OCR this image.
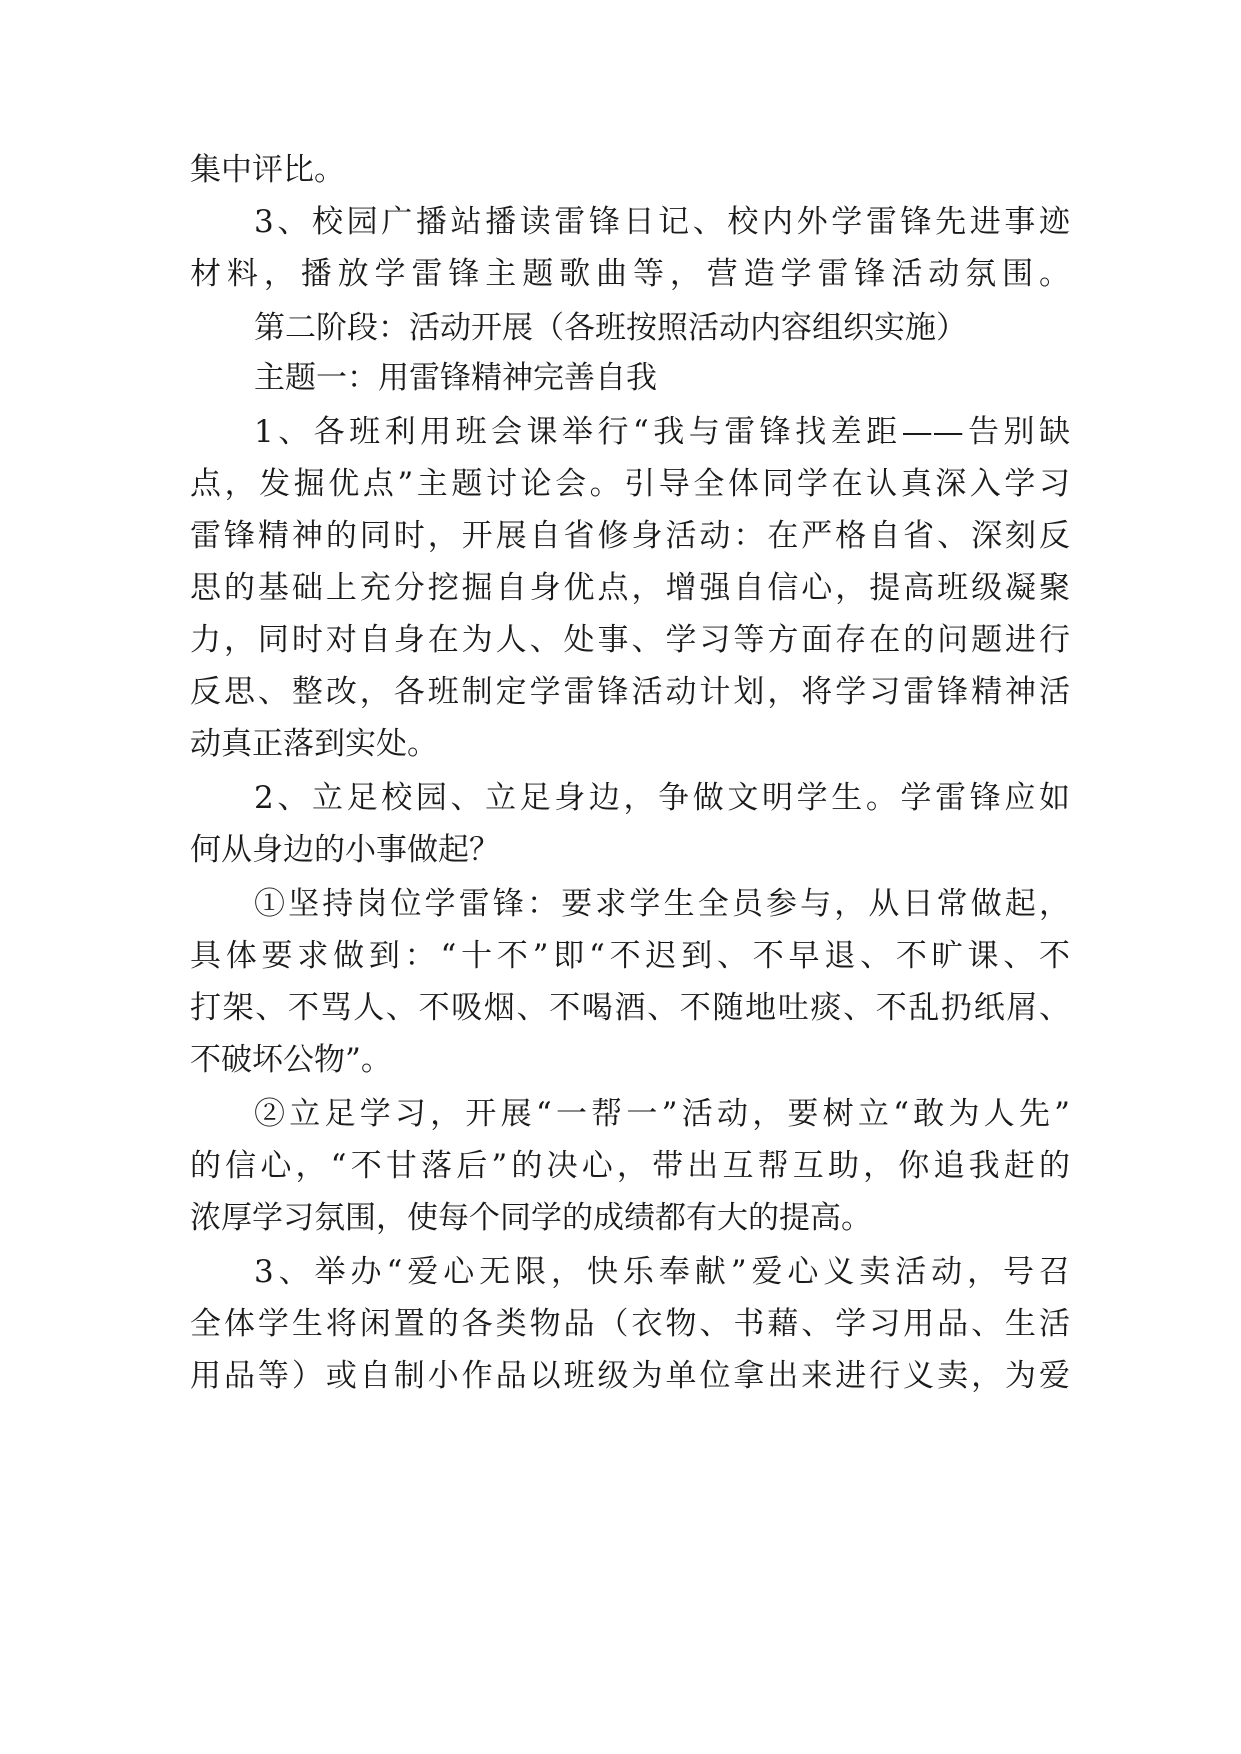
集中评比。
3、校园广播站播读雷锋日记、校内外学雷锋先进事迹
材料，播放学雷锋主题歌曲等，营造学雷锋活动氛围。
第二阶段：活动开展（各班按照活动内容组织实施）
主题一：用雷锋精神完善自我
1、各班利用班会课举行“我与雷锋找差距——告别缺
点，发掘优点”主题讨论会。引导全体同学在认真深入学习
雷锋精神的同时，开展自省修身活动：在严格自省、深刻反
思的基础上充分挖掘自身优点，增强自信心，提高班级凝聚
力，同时对自身在为人、处事、学习等方面存在的问题进行
反思、整改，各班制定学雷锋活动计划，将学习雷锋精神活
动真正落到实处。
2、立足校园、立足身边，争做文明学生。学雷锋应如
何从身边的小事做起？
①坚持岗位学雷锋：要求学生全员参与，从日常做起，
具体要求做到：“十不”即“不迟到、不早退、不旷课、不
打架、不骂人、不吸烟、不喝酒、不随地吐痰、不乱扔纸屑、
不破坏公物”。
②立足学习，开展“一帮一”活动，要树立“敢为人先”
的信心，“不甘落后”的决心，带出互帮互助，你追我赶的
浓厚学习氛围，使每个同学的成绩都有大的提高。
3、举办“爱心无限，快乐奉献”爱心义卖活动，号召
全体学生将闲置的各类物品（衣物、书藉、学习用品、生活
用品等）或自制小作品以班级为单位拿出来进行义卖，为爱
